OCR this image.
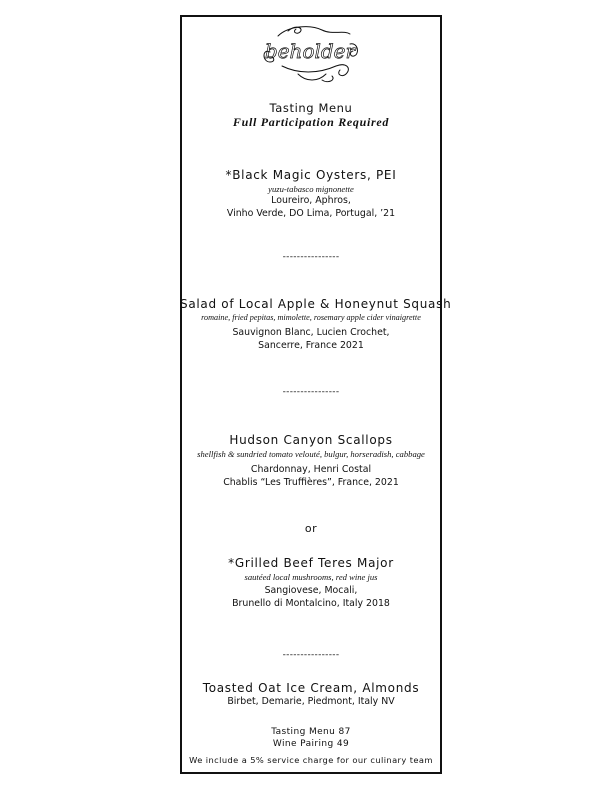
beholder
Tasting Menu
Full Participation Required
*Black Magic Oysters, PEI
yuzu-tabasco mignonette
Loureiro, Aphros,
Vinho Verde, DO Lima, Portugal, ’21
----------------
Salad of Local Apple & Honeynut Squash
romaine, fried pepitas, mimolette, rosemary apple cider vinaigrette
Sauvignon Blanc, Lucien Crochet,
Sancerre, France 2021
----------------
Hudson Canyon Scallops
shellfish & sundried tomato velouté, bulgur, horseradish, cabbage
Chardonnay, Henri Costal
Chablis “Les Truffières”, France, 2021
or
*Grilled Beef Teres Major
sautéed local mushrooms, red wine jus
Sangiovese, Mocali,
Brunello di Montalcino, Italy 2018
----------------
Toasted Oat Ice Cream, Almonds
Birbet, Demarie, Piedmont, Italy NV
Tasting Menu 87
Wine Pairing 49
We include a 5% service charge for our culinary team
